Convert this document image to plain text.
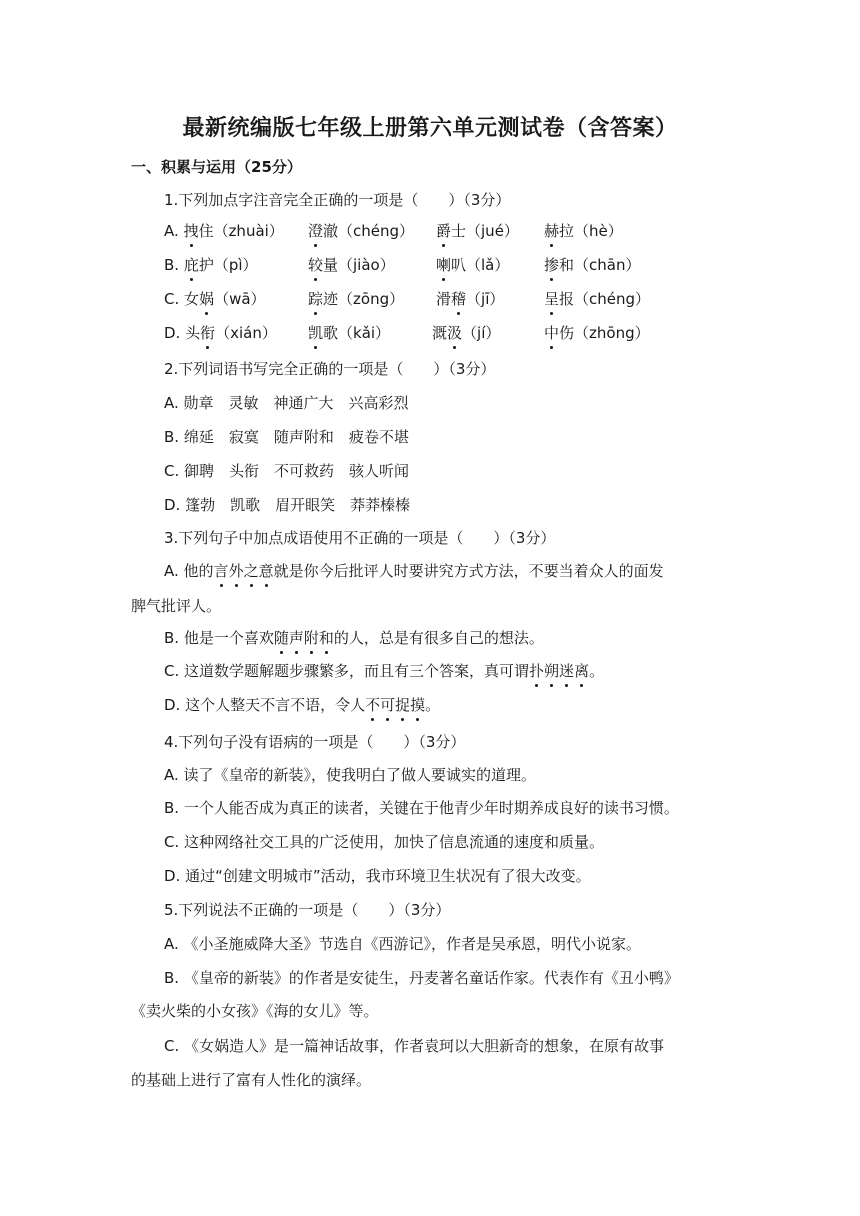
最新统编版七年级上册第六单元测试卷（含答案）
一、积累与运用（25分）
1.下列加点字注音完全正确的一项是（　　）（3分）
A. 拽住（zhuài） 澄澈（chéng） 爵士（jué） 赫拉（hè）
B. 庇护（pì）	较量（jiào）	喇叭（lǎ） 掺和（chān）
C. 女娲（wā）	踪迹（zōng） 滑稽（jī）	呈报（chéng）
D. 头衔（xián） 凯歌（kǎi）	溉汲（jí）	中伤（zhōng）
2.下列词语书写完全正确的一项是（　　）（3分）
A. 勋章　灵敏　神通广大　兴高彩烈
B. 绵延　寂寞　随声附和　疲卷不堪
C. 御聘　头衔　不可救药　骇人听闻
D. 篷勃　凯歌　眉开眼笑　莽莽榛榛
3.下列句子中加点成语使用不正确的一项是（　　）（3分）
A. 他的言外之意就是你今后批评人时要讲究方式方法，不要当着众人的面发
脾气批评人。
B. 他是一个喜欢随声附和的人，总是有很多自己的想法。
C. 这道数学题解题步骤繁多，而且有三个答案，真可谓扑朔迷离。
D. 这个人整天不言不语，令人不可捉摸。
4.下列句子没有语病的一项是（　　）（3分）
A. 读了《皇帝的新装》，使我明白了做人要诚实的道理。
B. 一个人能否成为真正的读者，关键在于他青少年时期养成良好的读书习惯。
C. 这种网络社交工具的广泛使用，加快了信息流通的速度和质量。
D. 通过“创建文明城市”活动，我市环境卫生状况有了很大改变。
5.下列说法不正确的一项是（　　）（3分）
A. 《小圣施威降大圣》节选自《西游记》，作者是吴承恩，明代小说家。
B. 《皇帝的新装》的作者是安徒生，丹麦著名童话作家。代表作有《丑小鸭》
《卖火柴的小女孩》《海的女儿》等。
C. 《女娲造人》是一篇神话故事，作者袁珂以大胆新奇的想象，在原有故事
的基础上进行了富有人性化的演绎。
